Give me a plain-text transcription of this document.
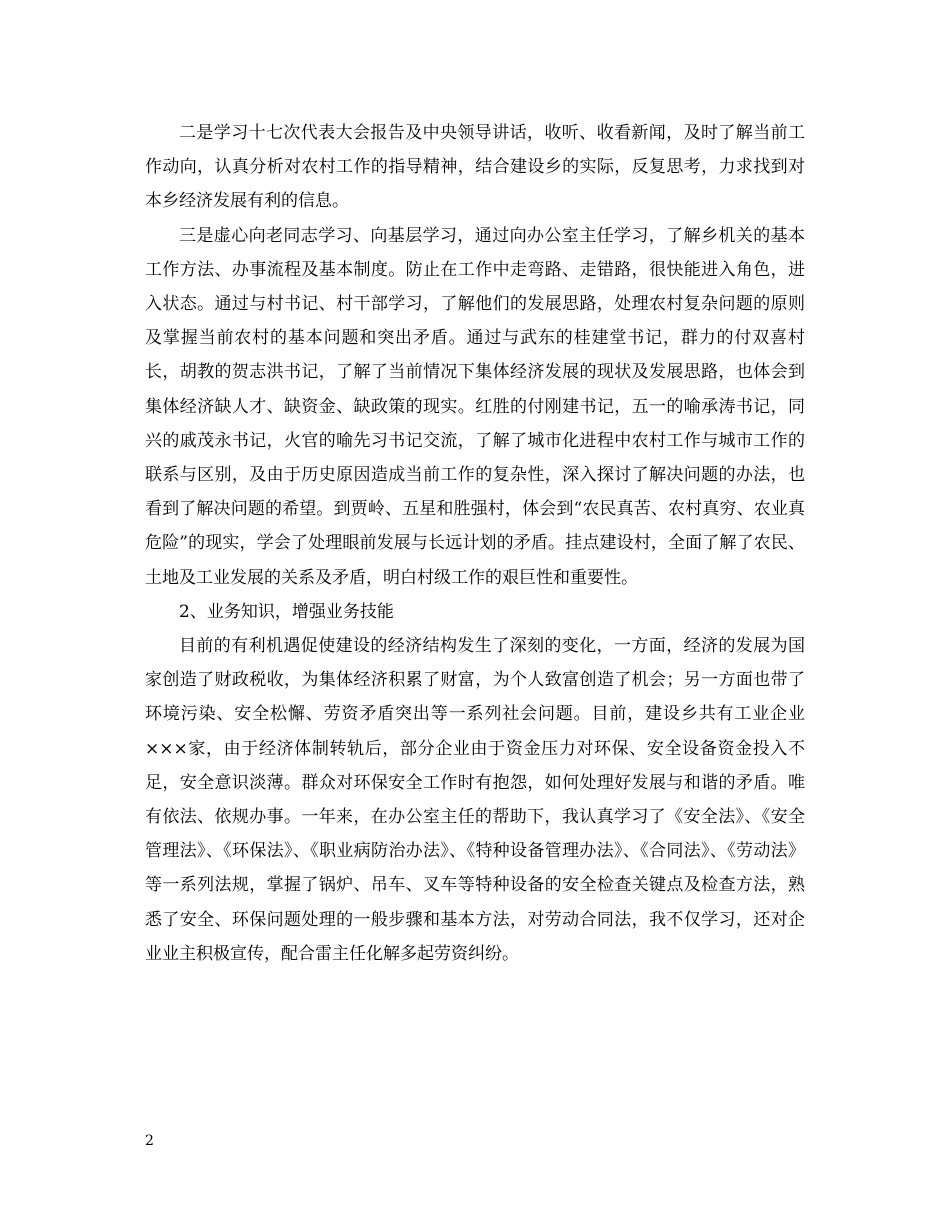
二是学习十七次代表大会报告及中央领导讲话，收听、收看新闻，及时了解当前工作动向，认真分析对农村工作的指导精神，结合建设乡的实际，反复思考，力求找到对本乡经济发展有利的信息。

三是虚心向老同志学习、向基层学习，通过向办公室主任学习，了解乡机关的基本工作方法、办事流程及基本制度。防止在工作中走弯路、走错路，很快能进入角色，进入状态。通过与村书记、村干部学习，了解他们的发展思路，处理农村复杂问题的原则及掌握当前农村的基本问题和突出矛盾。通过与武东的桂建堂书记，群力的付双喜村长，胡教的贺志洪书记，了解了当前情况下集体经济发展的现状及发展思路，也体会到集体经济缺人才、缺资金、缺政策的现实。红胜的付刚建书记，五一的喻承涛书记，同兴的戚茂永书记，火官的喻先习书记交流，了解了城市化进程中农村工作与城市工作的联系与区别，及由于历史原因造成当前工作的复杂性，深入探讨了解决问题的办法，也看到了解决问题的希望。到贾岭、五星和胜强村，体会到“农民真苦、农村真穷、农业真危险”的现实，学会了处理眼前发展与长远计划的矛盾。挂点建设村，全面了解了农民、土地及工业发展的关系及矛盾，明白村级工作的艰巨性和重要性。

2、业务知识，增强业务技能

目前的有利机遇促使建设的经济结构发生了深刻的变化，一方面，经济的发展为国家创造了财政税收，为集体经济积累了财富，为个人致富创造了机会；另一方面也带了环境污染、安全松懈、劳资矛盾突出等一系列社会问题。目前，建设乡共有工业企业×××家，由于经济体制转轨后，部分企业由于资金压力对环保、安全设备资金投入不足，安全意识淡薄。群众对环保安全工作时有抱怨，如何处理好发展与和谐的矛盾。唯有依法、依规办事。一年来，在办公室主任的帮助下，我认真学习了《安全法》、《安全管理法》、《环保法》、《职业病防治办法》、《特种设备管理办法》、《合同法》、《劳动法》等一系列法规，掌握了锅炉、吊车、叉车等特种设备的安全检查关键点及检查方法，熟悉了安全、环保问题处理的一般步骤和基本方法，对劳动合同法，我不仅学习，还对企业业主积极宣传，配合雷主任化解多起劳资纠纷。

2
